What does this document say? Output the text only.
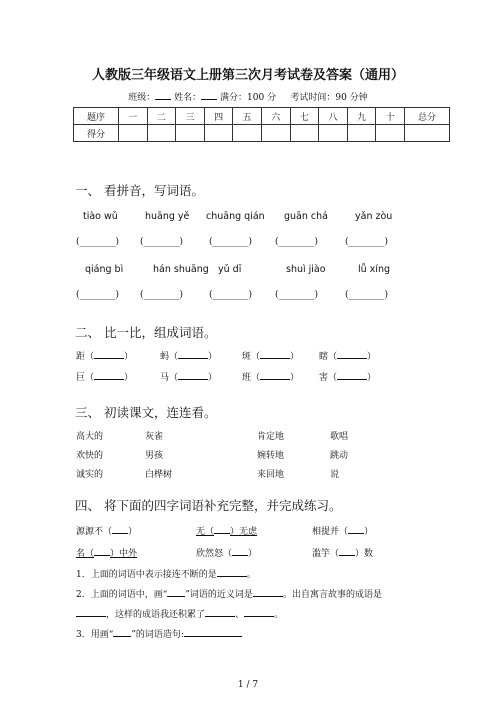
人教版三年级语文上册第三次月考试卷及答案（通用）
班级： 姓名： 满分：100 分 考试时间：90 分钟
题序	一	二	三	四	五	六	七	八	九	十	总分
得分											
一、 看拼音，写词语。
tiào wǔ	huāng yě chuāng qián guān chá	yǎn zòu
(________) (________)	(________)	(________)	(________)
qiáng bì	hán shuāng yǔ dī	shuì jiào	lǚ xíng
(________) (________)	(________)	(________)	(________)
二、 比一比，组成词语。
距（	）	蚂（	）	斑（	） 瞎（	）
巨（	）	马（	）	班（	） 害（	）
三、 初读课文，连连看。
高大的	灰雀	肯定地	歌唱
欢快的	男孩	婉转地	跳动
诚实的	白桦树	来回地	说
四、 将下面的四字词语补充完整，并完成练习。
源源不（ ）	无（ ）无虑	相提并（ ）
名（ ）中外	欣然怒（ ）	滥竽（ ）数
1．上面的词语中表示接连不断的是	。
2．上面的词语中，画“ ”词语的近义词是	。出自寓言故事的成语是
，这样的成语我还积累了	、	。
3．用画“ ”的词语造句:
1 / 7
